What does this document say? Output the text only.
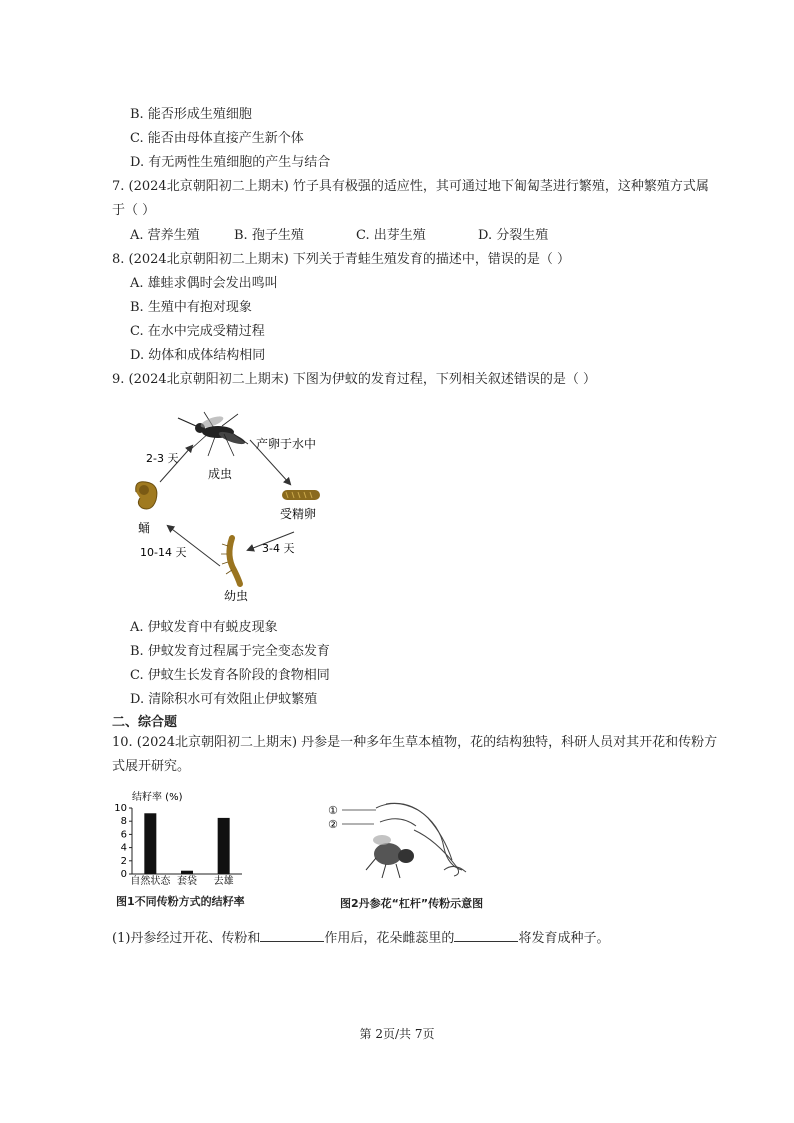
B. 能否形成生殖细胞
C. 能否由母体直接产生新个体
D. 有无两性生殖细胞的产生与结合
7. (2024北京朝阳初二上期末) 竹子具有极强的适应性，其可通过地下匍匐茎进行繁殖，这种繁殖方式属
于（ ）
A. 营养生殖	B. 孢子生殖	C. 出芽生殖	D. 分裂生殖
8. (2024北京朝阳初二上期末) 下列关于青蛙生殖发育的描述中，错误的是（ ）
A. 雄蛙求偶时会发出鸣叫
B. 生殖中有抱对现象
C. 在水中完成受精过程
D. 幼体和成体结构相同
9. (2024北京朝阳初二上期末) 下图为伊蚊的发育过程，下列相关叙述错误的是（ ）
成虫
产卵于水中
2-3 天
受精卵
3-4 天
蛹
10-14 天
幼虫
A. 伊蚊发育中有蜕皮现象
B. 伊蚊发育过程属于完全变态发育
C. 伊蚊生长发育各阶段的食物相同
D. 清除积水可有效阻止伊蚊繁殖
二、综合题
10. (2024北京朝阳初二上期末) 丹参是一种多年生草本植物，花的结构独特，科研人员对其开花和传粉方
式展开研究。
结籽率 (%)
0
2
4
6
8
10
自然状态 套袋 去雄
图1不同传粉方式的结籽率
①
②
图2丹参花“杠杆”传粉示意图
(1)丹参经过开花、传粉和	作用后，花朵雌蕊里的	将发育成种子。
第 2页/共 7页
